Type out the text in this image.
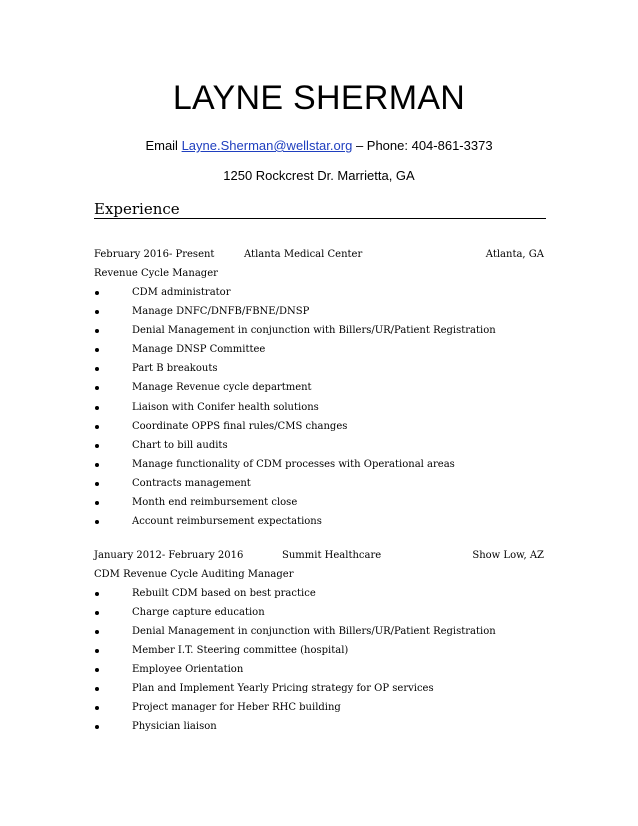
LAYNE SHERMAN
Email Layne.Sherman@wellstar.org – Phone: 404-861-3373
1250 Rockcrest Dr. Marrietta, GA
Experience
February 2016- Present	Atlanta Medical Center	Atlanta, GA
Revenue Cycle Manager
CDM administrator
Manage DNFC/DNFB/FBNE/DNSP
Denial Management in conjunction with Billers/UR/Patient Registration
Manage DNSP Committee
Part B breakouts
Manage Revenue cycle department
Liaison with Conifer health solutions
Coordinate OPPS final rules/CMS changes
Chart to bill audits
Manage functionality of CDM processes with Operational areas
Contracts management
Month end reimbursement close
Account reimbursement expectations
January 2012- February 2016	Summit Healthcare	Show Low, AZ
CDM Revenue Cycle Auditing Manager
Rebuilt CDM based on best practice
Charge capture education
Denial Management in conjunction with Billers/UR/Patient Registration
Member I.T. Steering committee (hospital)
Employee Orientation
Plan and Implement Yearly Pricing strategy for OP services
Project manager for Heber RHC building
Physician liaison
